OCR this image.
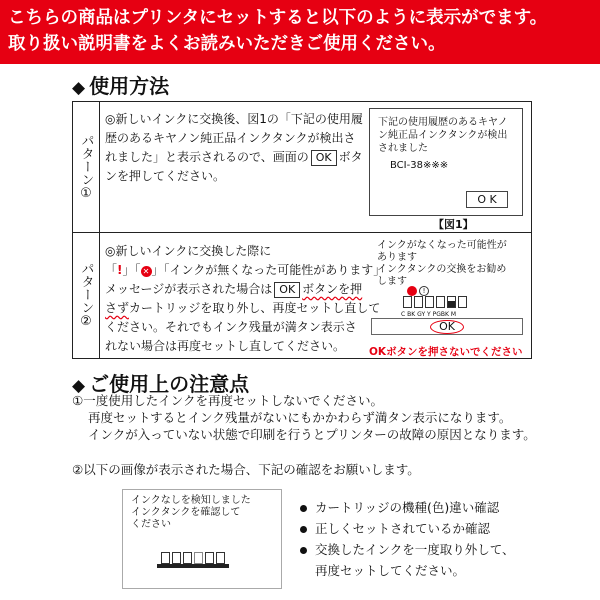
こちらの商品はプリンタにセットすると以下のように表示がでます。
取り扱い説明書をよくお読みいただきご使用ください。
◆ 使用方法
パターン①
◎新しいインクに交換後、図1の「下記の使用履
歴のあるキヤノン純正品インクタンクが検出さ
れました」と表示されるので、画面の OK ボタ
ンを押してください。
下記の使用履歴のあるキヤノ
ン純正品インクタンクが検出
されました
BCI-38※※※
O K
【図1】
パターン②
◎新しいインクに交換した際に
「!」「 ✕ 」「インクが無くなった可能性があります」
メッセージが表示された場合は OK ボタンを押
さずカートリッジを取り外し、再度セットし直して
ください。それでもインク残量が満タン表示さ
れない場合は再度セットし直してください。
インクがなくなった可能性が
あります
インクタンクの交換をお勧め
します
!
C BK GY Y PGBK M
OK
OKボタンを押さないでください
◆ ご使用上の注意点
①一度使用したインクを再度セットしないでください。
再度セットするとインク残量がないにもかかわらず満タン表示になります。
インクが入っていない状態で印刷を行うとプリンターの故障の原因となります。
②以下の画像が表示された場合、下記の確認をお願いします。
インクなしを検知しました
インクタンクを確認して
ください
カートリッジの機種(色)違い確認
正しくセットされているか確認
交換したインクを一度取り外して、
再度セットしてください。
